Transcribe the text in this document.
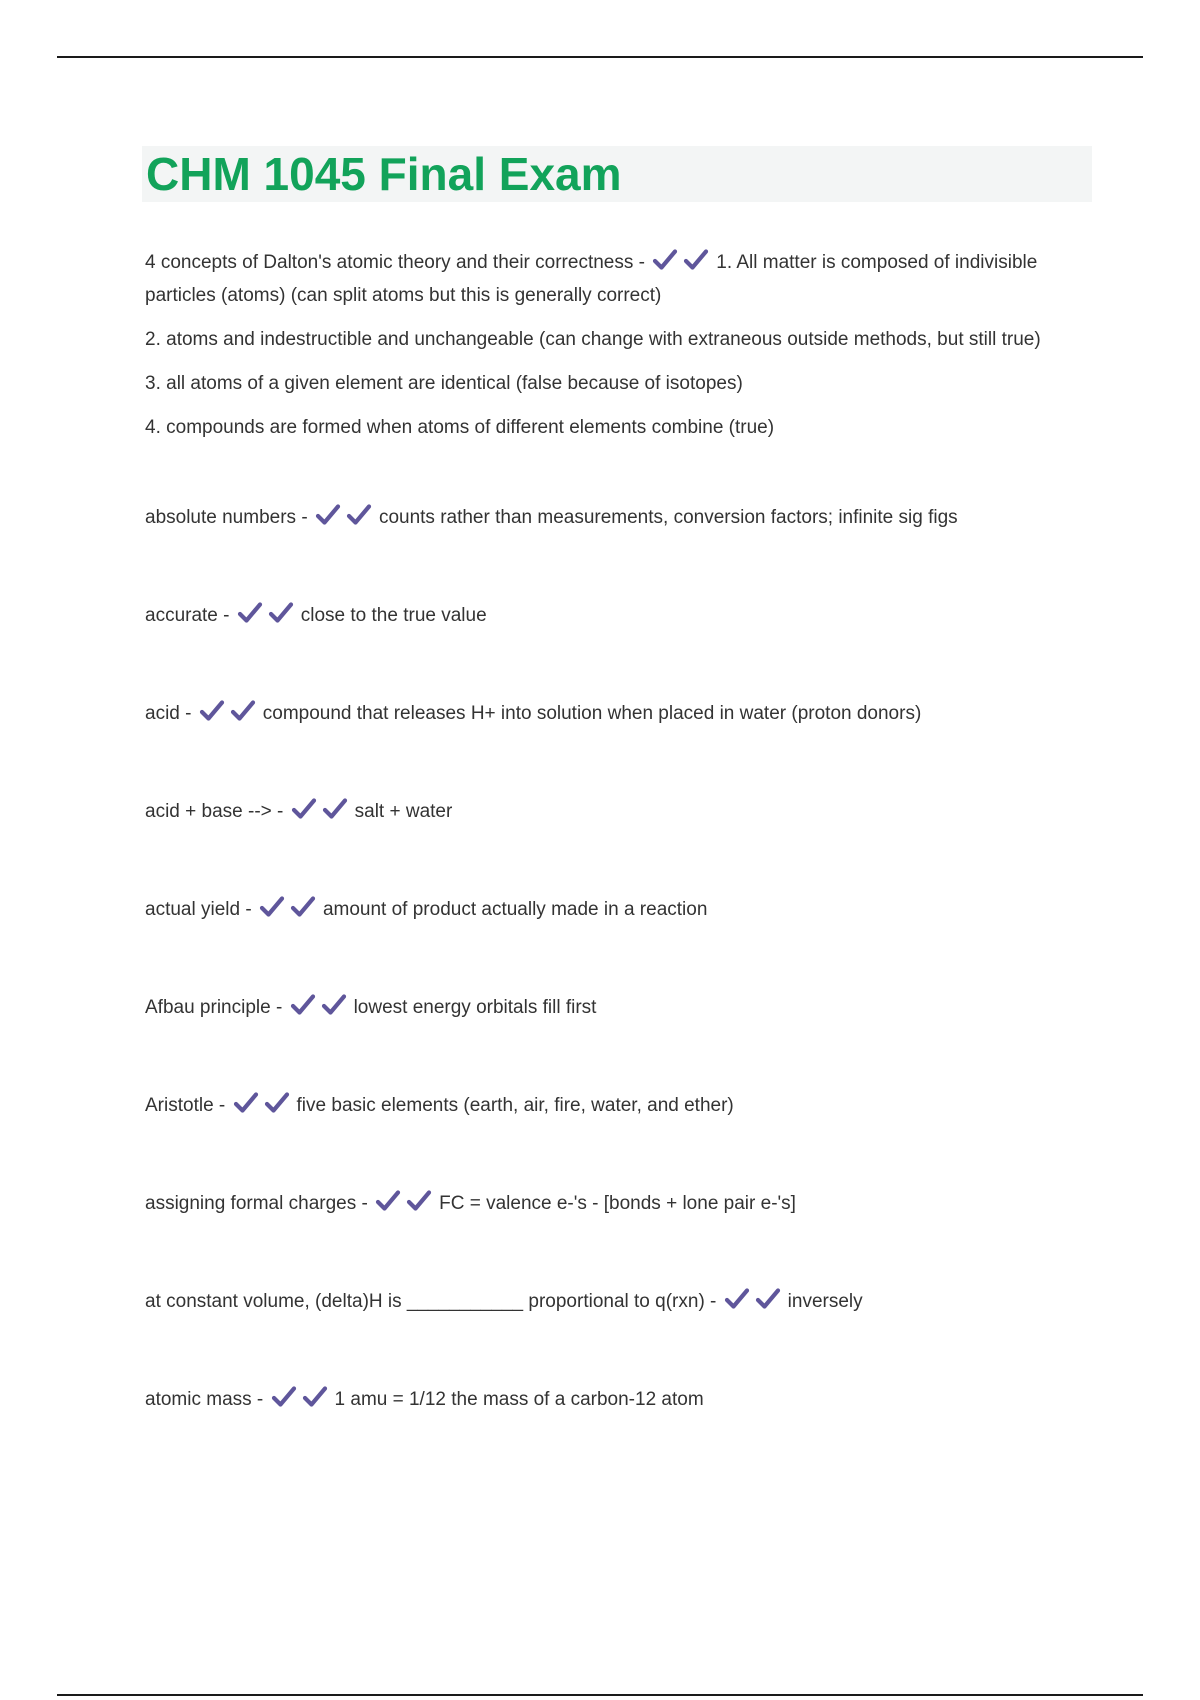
CHM 1045 Final Exam

4 concepts of Dalton's atomic theory and their correctness -	1. All matter is composed of indivisible particles (atoms) (can split atoms but this is generally correct)

2. atoms and indestructible and unchangeable (can change with extraneous outside methods, but still true)

3. all atoms of a given element are identical (false because of isotopes)

4. compounds are formed when atoms of different elements combine (true)

absolute numbers -	counts rather than measurements, conversion factors; infinite sig figs

accurate -	close to the true value

acid -	compound that releases H+ into solution when placed in water (proton donors)

acid + base --> -	salt + water

actual yield -	amount of product actually made in a reaction

Afbau principle -	lowest energy orbitals fill first

Aristotle -	five basic elements (earth, air, fire, water, and ether)

assigning formal charges -	FC = valence e-'s - [bonds + lone pair e-'s]

at constant volume, (delta)H is ___________ proportional to q(rxn) -	inversely

atomic mass -	1 amu = 1/12 the mass of a carbon-12 atom
